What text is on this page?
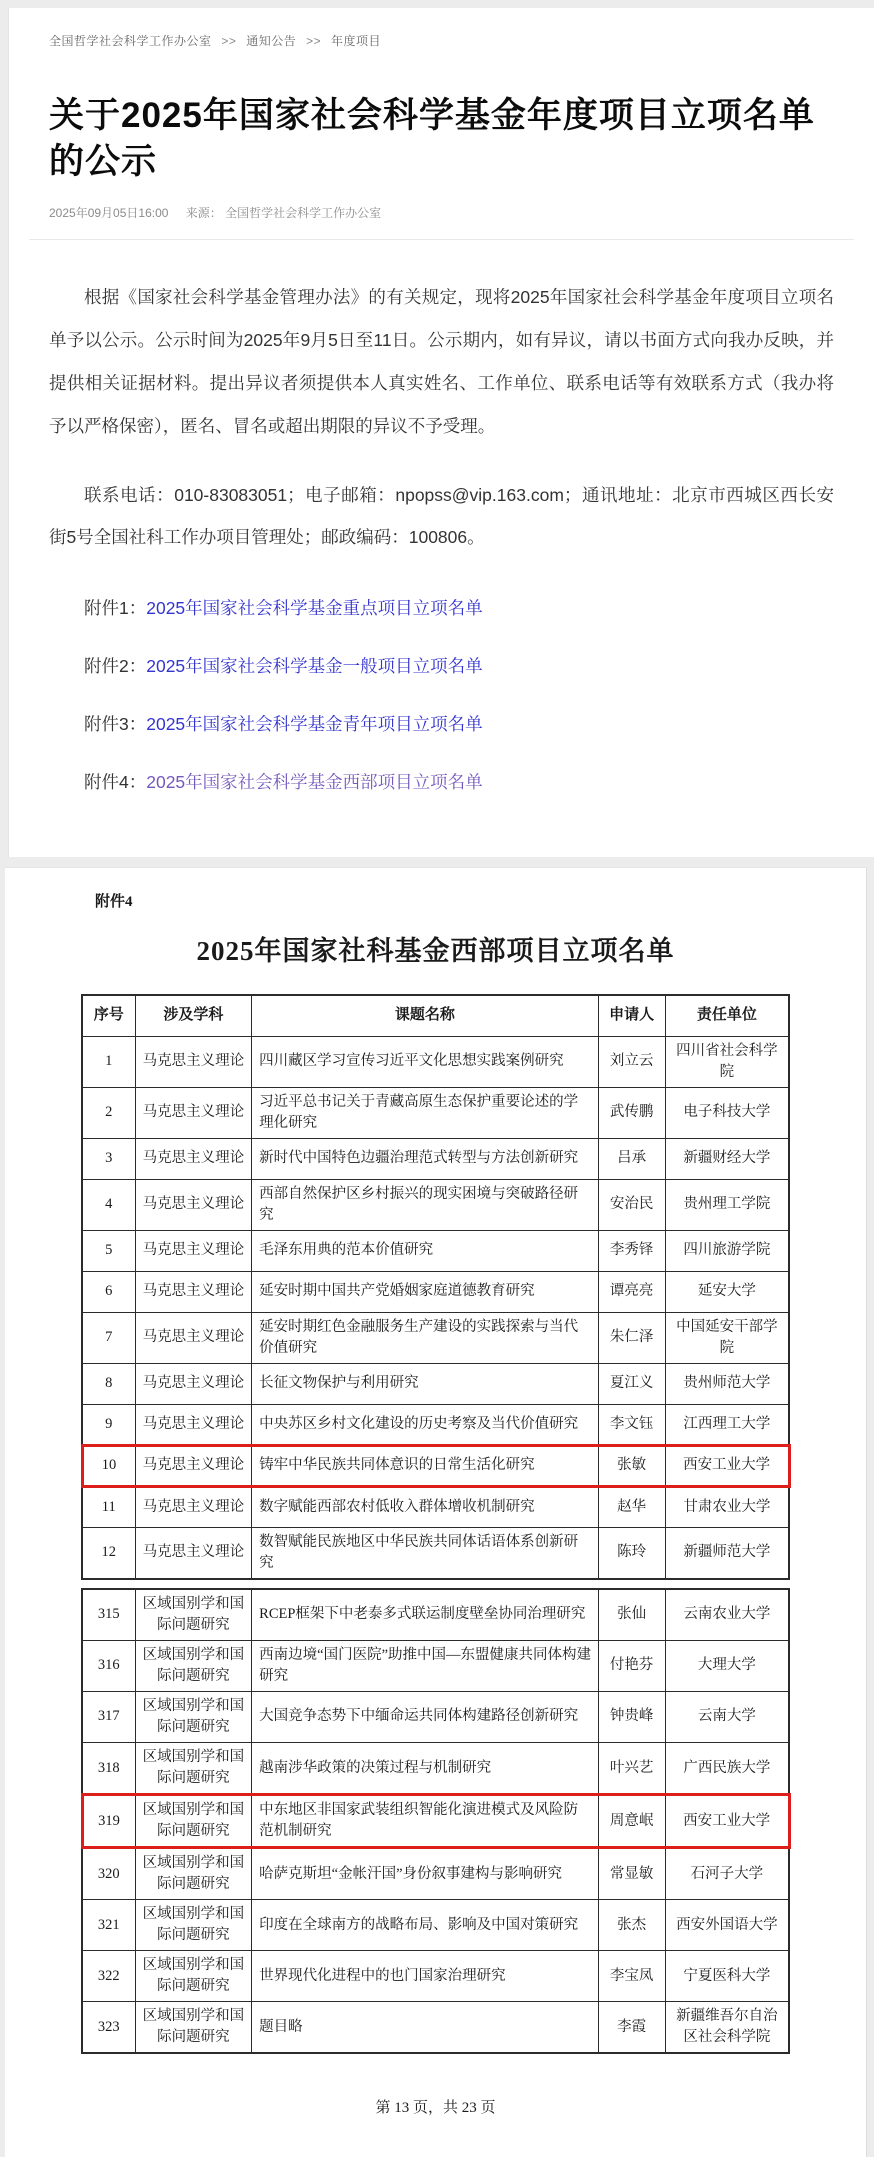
全国哲学社会科学工作办公室 >> 通知公告 >> 年度项目
关于2025年国家社会科学基金年度项目立项名单的公示
2025年09月05日16:00 来源： 全国哲学社会科学工作办公室

根据《国家社会科学基金管理办法》的有关规定，现将2025年国家社会科学基金年度项目立项名单予以公示。公示时间为2025年9月5日至11日。公示期内，如有异议，请以书面方式向我办反映，并提供相关证据材料。提出异议者须提供本人真实姓名、工作单位、联系电话等有效联系方式（我办将予以严格保密），匿名、冒名或超出期限的异议不予受理。

联系电话：010-83083051；电子邮箱：npopss@vip.163.com；通讯地址：北京市西城区西长安街5号全国社科工作办项目管理处；邮政编码：100806。

附件1：2025年国家社会科学基金重点项目立项名单
附件2：2025年国家社会科学基金一般项目立项名单
附件3：2025年国家社会科学基金青年项目立项名单
附件4：2025年国家社会科学基金西部项目立项名单
附件4
2025年国家社科基金西部项目立项名单
序号	涉及学科	课题名称	申请人	责任单位
1	马克思主义理论	四川藏区学习宣传习近平文化思想实践案例研究	刘立云	四川省社会科学院
2	马克思主义理论	习近平总书记关于青藏高原生态保护重要论述的学理化研究	武传鹏	电子科技大学
3	马克思主义理论	新时代中国特色边疆治理范式转型与方法创新研究	吕承	新疆财经大学
4	马克思主义理论	西部自然保护区乡村振兴的现实困境与突破路径研究	安治民	贵州理工学院
5	马克思主义理论	毛泽东用典的范本价值研究	李秀铎	四川旅游学院
6	马克思主义理论	延安时期中国共产党婚姻家庭道德教育研究	谭亮亮	延安大学
7	马克思主义理论	延安时期红色金融服务生产建设的实践探索与当代价值研究	朱仁泽	中国延安干部学院
8	马克思主义理论	长征文物保护与利用研究	夏江义	贵州师范大学
9	马克思主义理论	中央苏区乡村文化建设的历史考察及当代价值研究	李文钰	江西理工大学
10	马克思主义理论	铸牢中华民族共同体意识的日常生活化研究	张敏	西安工业大学
11	马克思主义理论	数字赋能西部农村低收入群体增收机制研究	赵华	甘肃农业大学
12	马克思主义理论	数智赋能民族地区中华民族共同体话语体系创新研究	陈玲	新疆师范大学
315	区域国别学和国际问题研究	RCEP框架下中老泰多式联运制度壁垒协同治理研究	张仙	云南农业大学
316	区域国别学和国际问题研究	西南边境“国门医院”助推中国—东盟健康共同体构建研究	付艳芬	大理大学
317	区域国别学和国际问题研究	大国竞争态势下中缅命运共同体构建路径创新研究	钟贵峰	云南大学
318	区域国别学和国际问题研究	越南涉华政策的决策过程与机制研究	叶兴艺	广西民族大学
319	区域国别学和国际问题研究	中东地区非国家武装组织智能化演进模式及风险防范机制研究	周意岷	西安工业大学
320	区域国别学和国际问题研究	哈萨克斯坦“金帐汗国”身份叙事建构与影响研究	常显敏	石河子大学
321	区域国别学和国际问题研究	印度在全球南方的战略布局、影响及中国对策研究	张杰	西安外国语大学
322	区域国别学和国际问题研究	世界现代化进程中的也门国家治理研究	李宝凤	宁夏医科大学
323	区域国别学和国际问题研究	题目略	李霞	新疆维吾尔自治区社会科学院
第 13 页，共 23 页
